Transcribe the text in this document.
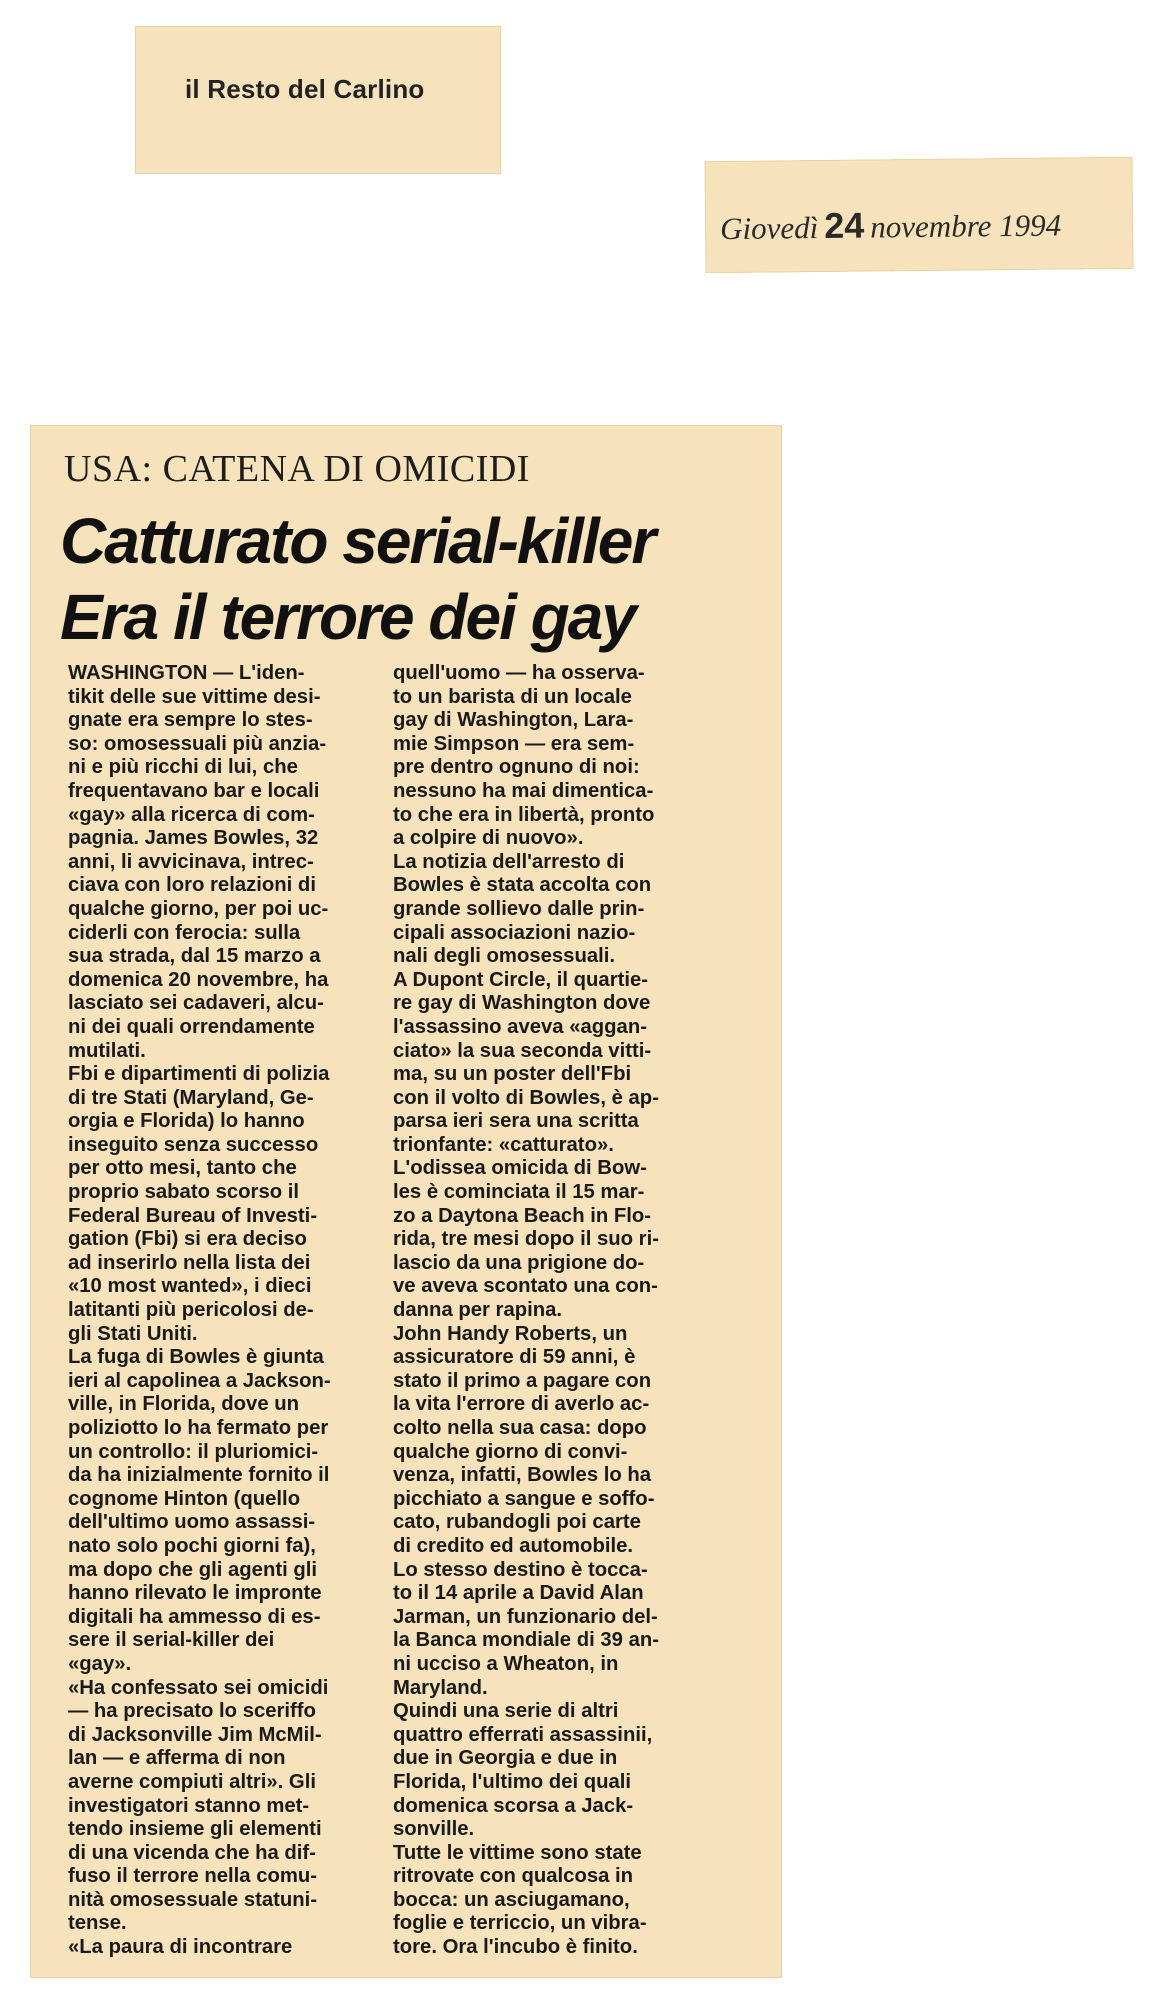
il Resto del Carlino
Giovedì 24 novembre 1994
USA: CATENA DI OMICIDI
Catturato serial-killer
Era il terrore dei gay
WASHINGTON — L'iden-
tikit delle sue vittime desi-
gnate era sempre lo stes-
so: omosessuali più anzia-
ni e più ricchi di lui, che
frequentavano bar e locali
«gay» alla ricerca di com-
pagnia. James Bowles, 32
anni, li avvicinava, intrec-
ciava con loro relazioni di
qualche giorno, per poi uc-
ciderli con ferocia: sulla
sua strada, dal 15 marzo a
domenica 20 novembre, ha
lasciato sei cadaveri, alcu-
ni dei quali orrendamente
mutilati.
Fbi e dipartimenti di polizia
di tre Stati (Maryland, Ge-
orgia e Florida) lo hanno
inseguito senza successo
per otto mesi, tanto che
proprio sabato scorso il
Federal Bureau of Investi-
gation (Fbi) si era deciso
ad inserirlo nella lista dei
«10 most wanted», i dieci
latitanti più pericolosi de-
gli Stati Uniti.
La fuga di Bowles è giunta
ieri al capolinea a Jackson-
ville, in Florida, dove un
poliziotto lo ha fermato per
un controllo: il pluriomici-
da ha inizialmente fornito il
cognome Hinton (quello
dell'ultimo uomo assassi-
nato solo pochi giorni fa),
ma dopo che gli agenti gli
hanno rilevato le impronte
digitali ha ammesso di es-
sere il serial-killer dei
«gay».
«Ha confessato sei omicidi
— ha precisato lo sceriffo
di Jacksonville Jim McMil-
lan — e afferma di non
averne compiuti altri». Gli
investigatori stanno met-
tendo insieme gli elementi
di una vicenda che ha dif-
fuso il terrore nella comu-
nità omosessuale statuni-
tense.
«La paura di incontrare
quell'uomo — ha osserva-
to un barista di un locale
gay di Washington, Lara-
mie Simpson — era sem-
pre dentro ognuno di noi:
nessuno ha mai dimentica-
to che era in libertà, pronto
a colpire di nuovo».
La notizia dell'arresto di
Bowles è stata accolta con
grande sollievo dalle prin-
cipali associazioni nazio-
nali degli omosessuali.
A Dupont Circle, il quartie-
re gay di Washington dove
l'assassino aveva «aggan-
ciato» la sua seconda vitti-
ma, su un poster dell'Fbi
con il volto di Bowles, è ap-
parsa ieri sera una scritta
trionfante: «catturato».
L'odissea omicida di Bow-
les è cominciata il 15 mar-
zo a Daytona Beach in Flo-
rida, tre mesi dopo il suo ri-
lascio da una prigione do-
ve aveva scontato una con-
danna per rapina.
John Handy Roberts, un
assicuratore di 59 anni, è
stato il primo a pagare con
la vita l'errore di averlo ac-
colto nella sua casa: dopo
qualche giorno di convi-
venza, infatti, Bowles lo ha
picchiato a sangue e soffo-
cato, rubandogli poi carte
di credito ed automobile.
Lo stesso destino è tocca-
to il 14 aprile a David Alan
Jarman, un funzionario del-
la Banca mondiale di 39 an-
ni ucciso a Wheaton, in
Maryland.
Quindi una serie di altri
quattro efferrati assassinii,
due in Georgia e due in
Florida, l'ultimo dei quali
domenica scorsa a Jack-
sonville.
Tutte le vittime sono state
ritrovate con qualcosa in
bocca: un asciugamano,
foglie e terriccio, un vibra-
tore. Ora l'incubo è finito.
